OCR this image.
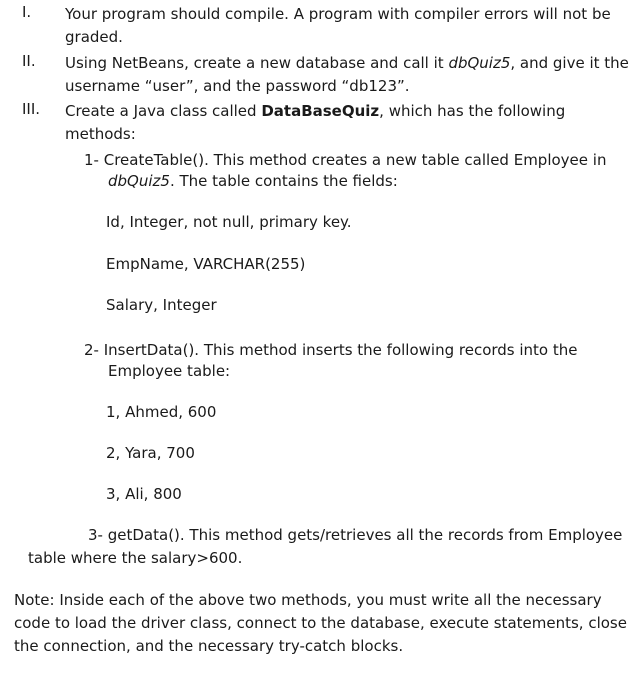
I. Your program should compile. A program with compiler errors will not be
graded.
II. Using NetBeans, create a new database and call it dbQuiz5, and give it the
username “user”, and the password “db123”.
III. Create a Java class called DataBaseQuiz, which has the following
methods:
1- CreateTable(). This method creates a new table called Employee in
dbQuiz5. The table contains the fields:
Id, Integer, not null, primary key.
EmpName, VARCHAR(255)
Salary, Integer
2- InsertData(). This method inserts the following records into the
Employee table:
1, Ahmed, 600
2, Yara, 700
3, Ali, 800
3- getData(). This method gets/retrieves all the records from Employee
table where the salary>600.
Note: Inside each of the above two methods, you must write all the necessary
code to load the driver class, connect to the database, execute statements, close
the connection, and the necessary try-catch blocks.
